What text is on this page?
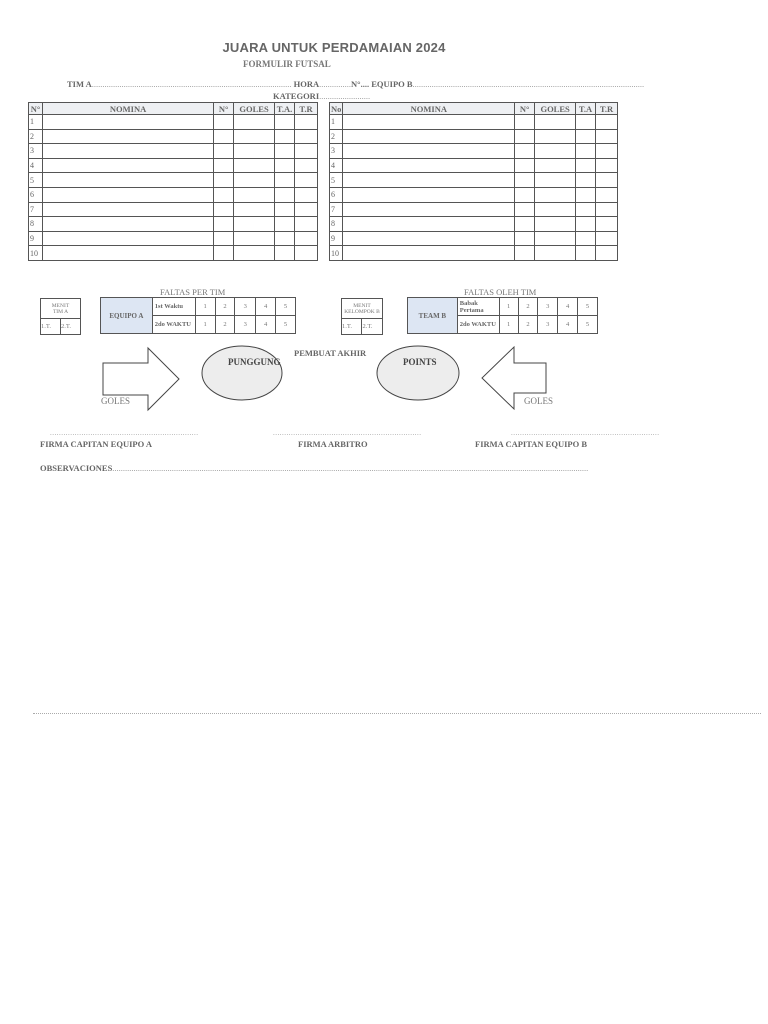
JUARA UNTUK PERDAMAIAN 2024
FORMULIR FUTSAL
TIM A.............................................................................................. HORA...............N°.... EQUIPO B.............................................................................................................
KATEGORI........................
N°	NOMINA	N°	GOLES	T.A.	T.R
1					
2					
3					
4					
5					
6					
7					
8					
9					
10					
No	NOMINA	N°	GOLES	T.A	T.R
1					
2					
3					
4					
5					
6					
7					
8					
9					
10					
FALTAS PER TIM
MENIT
TIM A
1.T.	2.T.
EQUIPO A	1st Waktu	1	2	3	4	5
	2do WAKTU	1	2	3	4	5
FALTAS OLEH TIM
MENIT
KELOMPOK B
1.T.	2.T.
TEAM B	Babak Pertama	1	2	3	4	5
	2do WAKTU	1	2	3	4	5
PEMBUAT AKHIR
PUNGGUNG	POINTS
GOLES	GOLES
..................................................................	..................................................................	..................................................................
FIRMA CAPITAN EQUIPO A	FIRMA ARBITRO	FIRMA CAPITAN EQUIPO B
OBSERVACIONES................................................................................................................................................................................................................................
